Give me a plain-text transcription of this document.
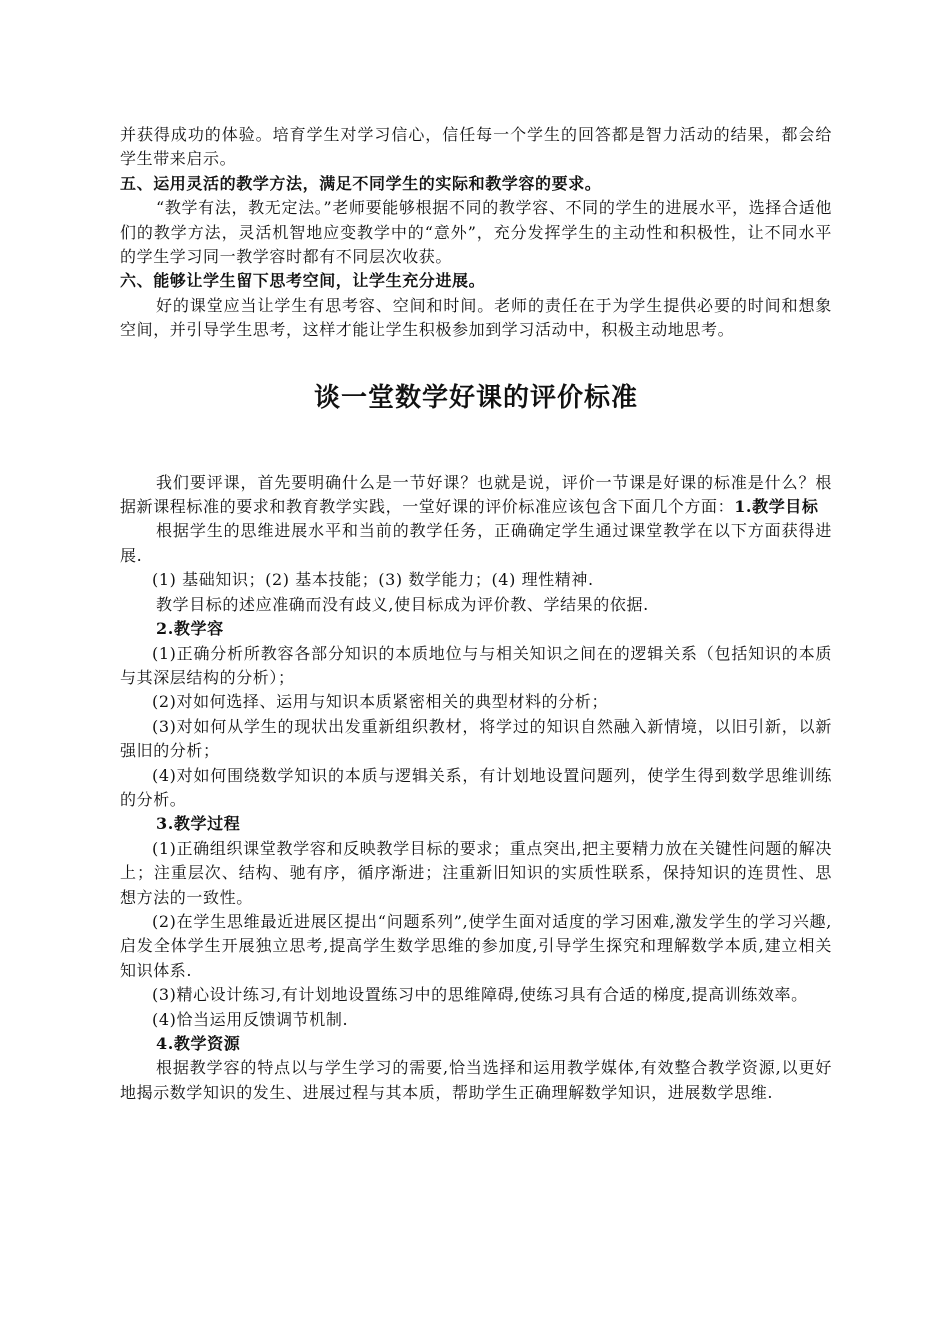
并获得成功的体验。培育学生对学习信心，信任每一个学生的回答都是智力活动的结果，都会给学生带来启示。

五、运用灵活的教学方法，满足不同学生的实际和教学容的要求。

“教学有法，教无定法。”老师要能够根据不同的教学容、不同的学生的进展水平，选择合适他们的教学方法，灵活机智地应变教学中的“意外”，充分发挥学生的主动性和积极性，让不同水平的学生学习同一教学容时都有不同层次收获。

六、能够让学生留下思考空间，让学生充分进展。

好的课堂应当让学生有思考容、空间和时间。老师的责任在于为学生提供必要的时间和想象空间，并引导学生思考，这样才能让学生积极参加到学习活动中，积极主动地思考。

谈一堂数学好课的评价标准

我们要评课，首先要明确什么是一节好课？也就是说，评价一节课是好课的标准是什么？根据新课程标准的要求和教育教学实践，一堂好课的评价标准应该包含下面几个方面：1.教学目标

根据学生的思维进展水平和当前的教学任务，正确确定学生通过课堂教学在以下方面获得进展.

(1) 基础知识；(2) 基本技能；(3) 数学能力；(4) 理性精神.

教学目标的述应准确而没有歧义,使目标成为评价教、学结果的依据.

2.教学容

(1)正确分析所教容各部分知识的本质地位与与相关知识之间在的逻辑关系（包括知识的本质与其深层结构的分析）；

(2)对如何选择、运用与知识本质紧密相关的典型材料的分析；

(3)对如何从学生的现状出发重新组织教材，将学过的知识自然融入新情境，以旧引新，以新强旧的分析；

(4)对如何围绕数学知识的本质与逻辑关系，有计划地设置问题列，使学生得到数学思维训练的分析。

3.教学过程

(1)正确组织课堂教学容和反映教学目标的要求；重点突出,把主要精力放在关键性问题的解决上；注重层次、结构、驰有序，循序渐进；注重新旧知识的实质性联系，保持知识的连贯性、思想方法的一致性。

(2)在学生思维最近进展区提出“问题系列”,使学生面对适度的学习困难,激发学生的学习兴趣,启发全体学生开展独立思考,提高学生数学思维的参加度,引导学生探究和理解数学本质,建立相关知识体系.

(3)精心设计练习,有计划地设置练习中的思维障碍,使练习具有合适的梯度,提高训练效率。

(4)恰当运用反馈调节机制.

4.教学资源

根据教学容的特点以与学生学习的需要,恰当选择和运用教学媒体,有效整合教学资源,以更好地揭示数学知识的发生、进展过程与其本质，帮助学生正确理解数学知识，进展数学思维.
